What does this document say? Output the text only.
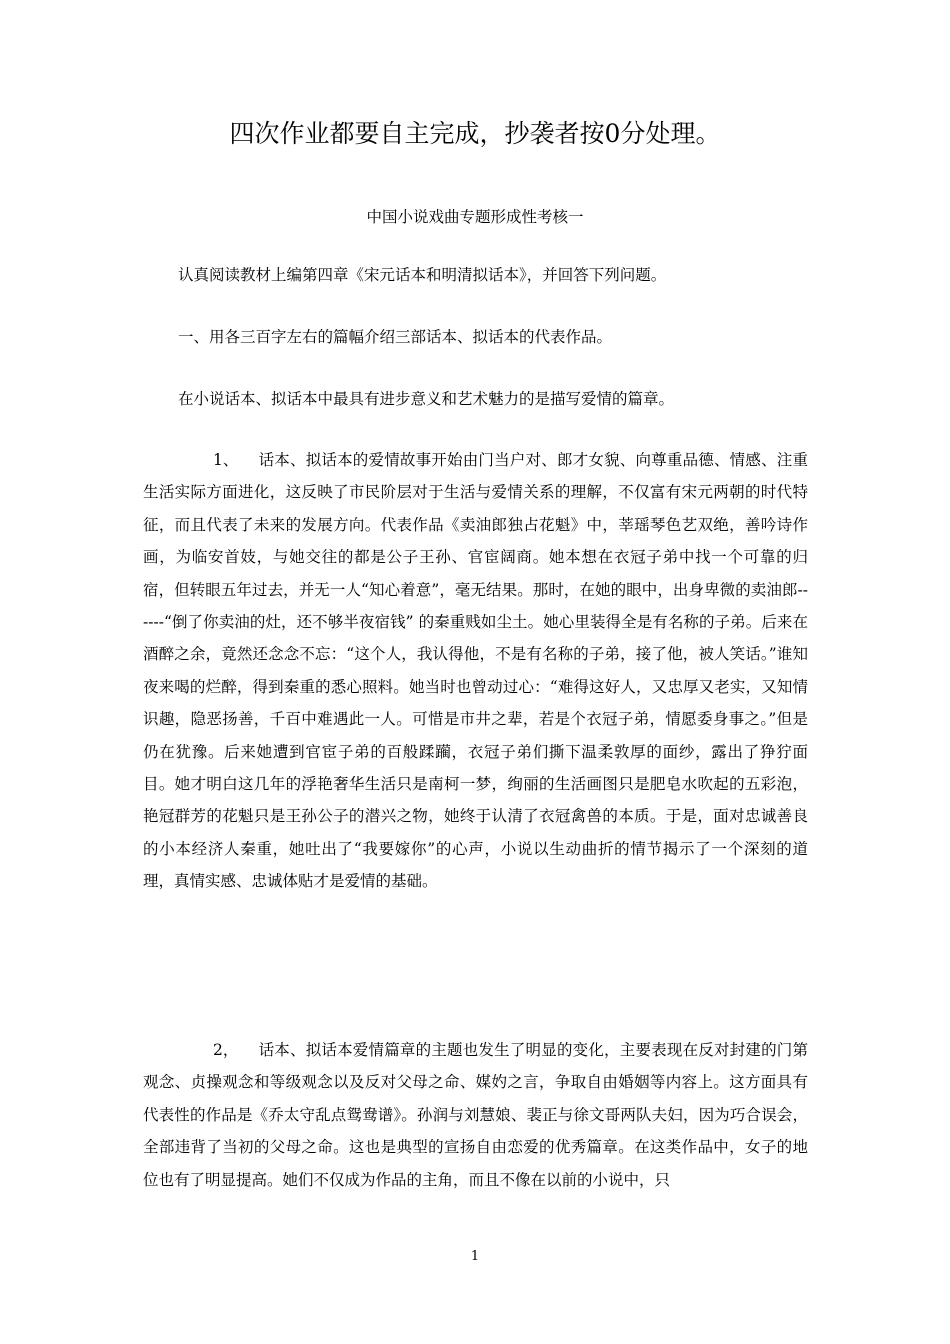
四次作业都要自主完成，抄袭者按0分处理。
中国小说戏曲专题形成性考核一
认真阅读教材上编第四章《宋元话本和明清拟话本》，并回答下列问题。
一、用各三百字左右的篇幅介绍三部话本、拟话本的代表作品。
在小说话本、拟话本中最具有进步意义和艺术魅力的是描写爱情的篇章。

1、 话本、拟话本的爱情故事开始由门当户对、郎才女貌、向尊重品德、情感、注重生活实际方面进化，这反映了市民阶层对于生活与爱情关系的理解，不仅富有宋元两朝的时代特征，而且代表了未来的发展方向。代表作品《卖油郎独占花魁》中，莘瑶琴色艺双绝，善吟诗作画，为临安首妓，与她交往的都是公子王孙、官宦阔商。她本想在衣冠子弟中找一个可靠的归宿，但转眼五年过去，并无一人“知心着意”，毫无结果。那时，在她的眼中，出身卑微的卖油郎------“倒了你卖油的灶，还不够半夜宿钱” 的秦重贱如尘土。她心里装得全是有名称的子弟。后来在酒醉之余，竟然还念念不忘：“这个人，我认得他，不是有名称的子弟，接了他，被人笑话。”谁知夜来喝的烂醉，得到秦重的悉心照料。她当时也曾动过心：“难得这好人，又忠厚又老实，又知情识趣，隐恶扬善，千百中难遇此一人。可惜是市井之辈，若是个衣冠子弟，情愿委身事之。”但是仍在犹豫。后来她遭到官宦子弟的百般蹂躏，衣冠子弟们撕下温柔敦厚的面纱，露出了狰狞面目。她才明白这几年的浮艳奢华生活只是南柯一梦，绚丽的生活画图只是肥皂水吹起的五彩泡，艳冠群芳的花魁只是王孙公子的潜兴之物，她终于认清了衣冠禽兽的本质。于是，面对忠诚善良的小本经济人秦重，她吐出了“我要嫁你”的心声，小说以生动曲折的情节揭示了一个深刻的道理，真情实感、忠诚体贴才是爱情的基础。

2， 话本、拟话本爱情篇章的主题也发生了明显的变化，主要表现在反对封建的门第观念、贞操观念和等级观念以及反对父母之命、媒妁之言，争取自由婚姻等内容上。这方面具有代表性的作品是《乔太守乱点鸳鸯谱》。孙润与刘慧娘、裴正与徐文哥两队夫妇，因为巧合误会，全部违背了当初的父母之命。这也是典型的宣扬自由恋爱的优秀篇章。在这类作品中，女子的地位也有了明显提高。她们不仅成为作品的主角，而且不像在以前的小说中，只

1
